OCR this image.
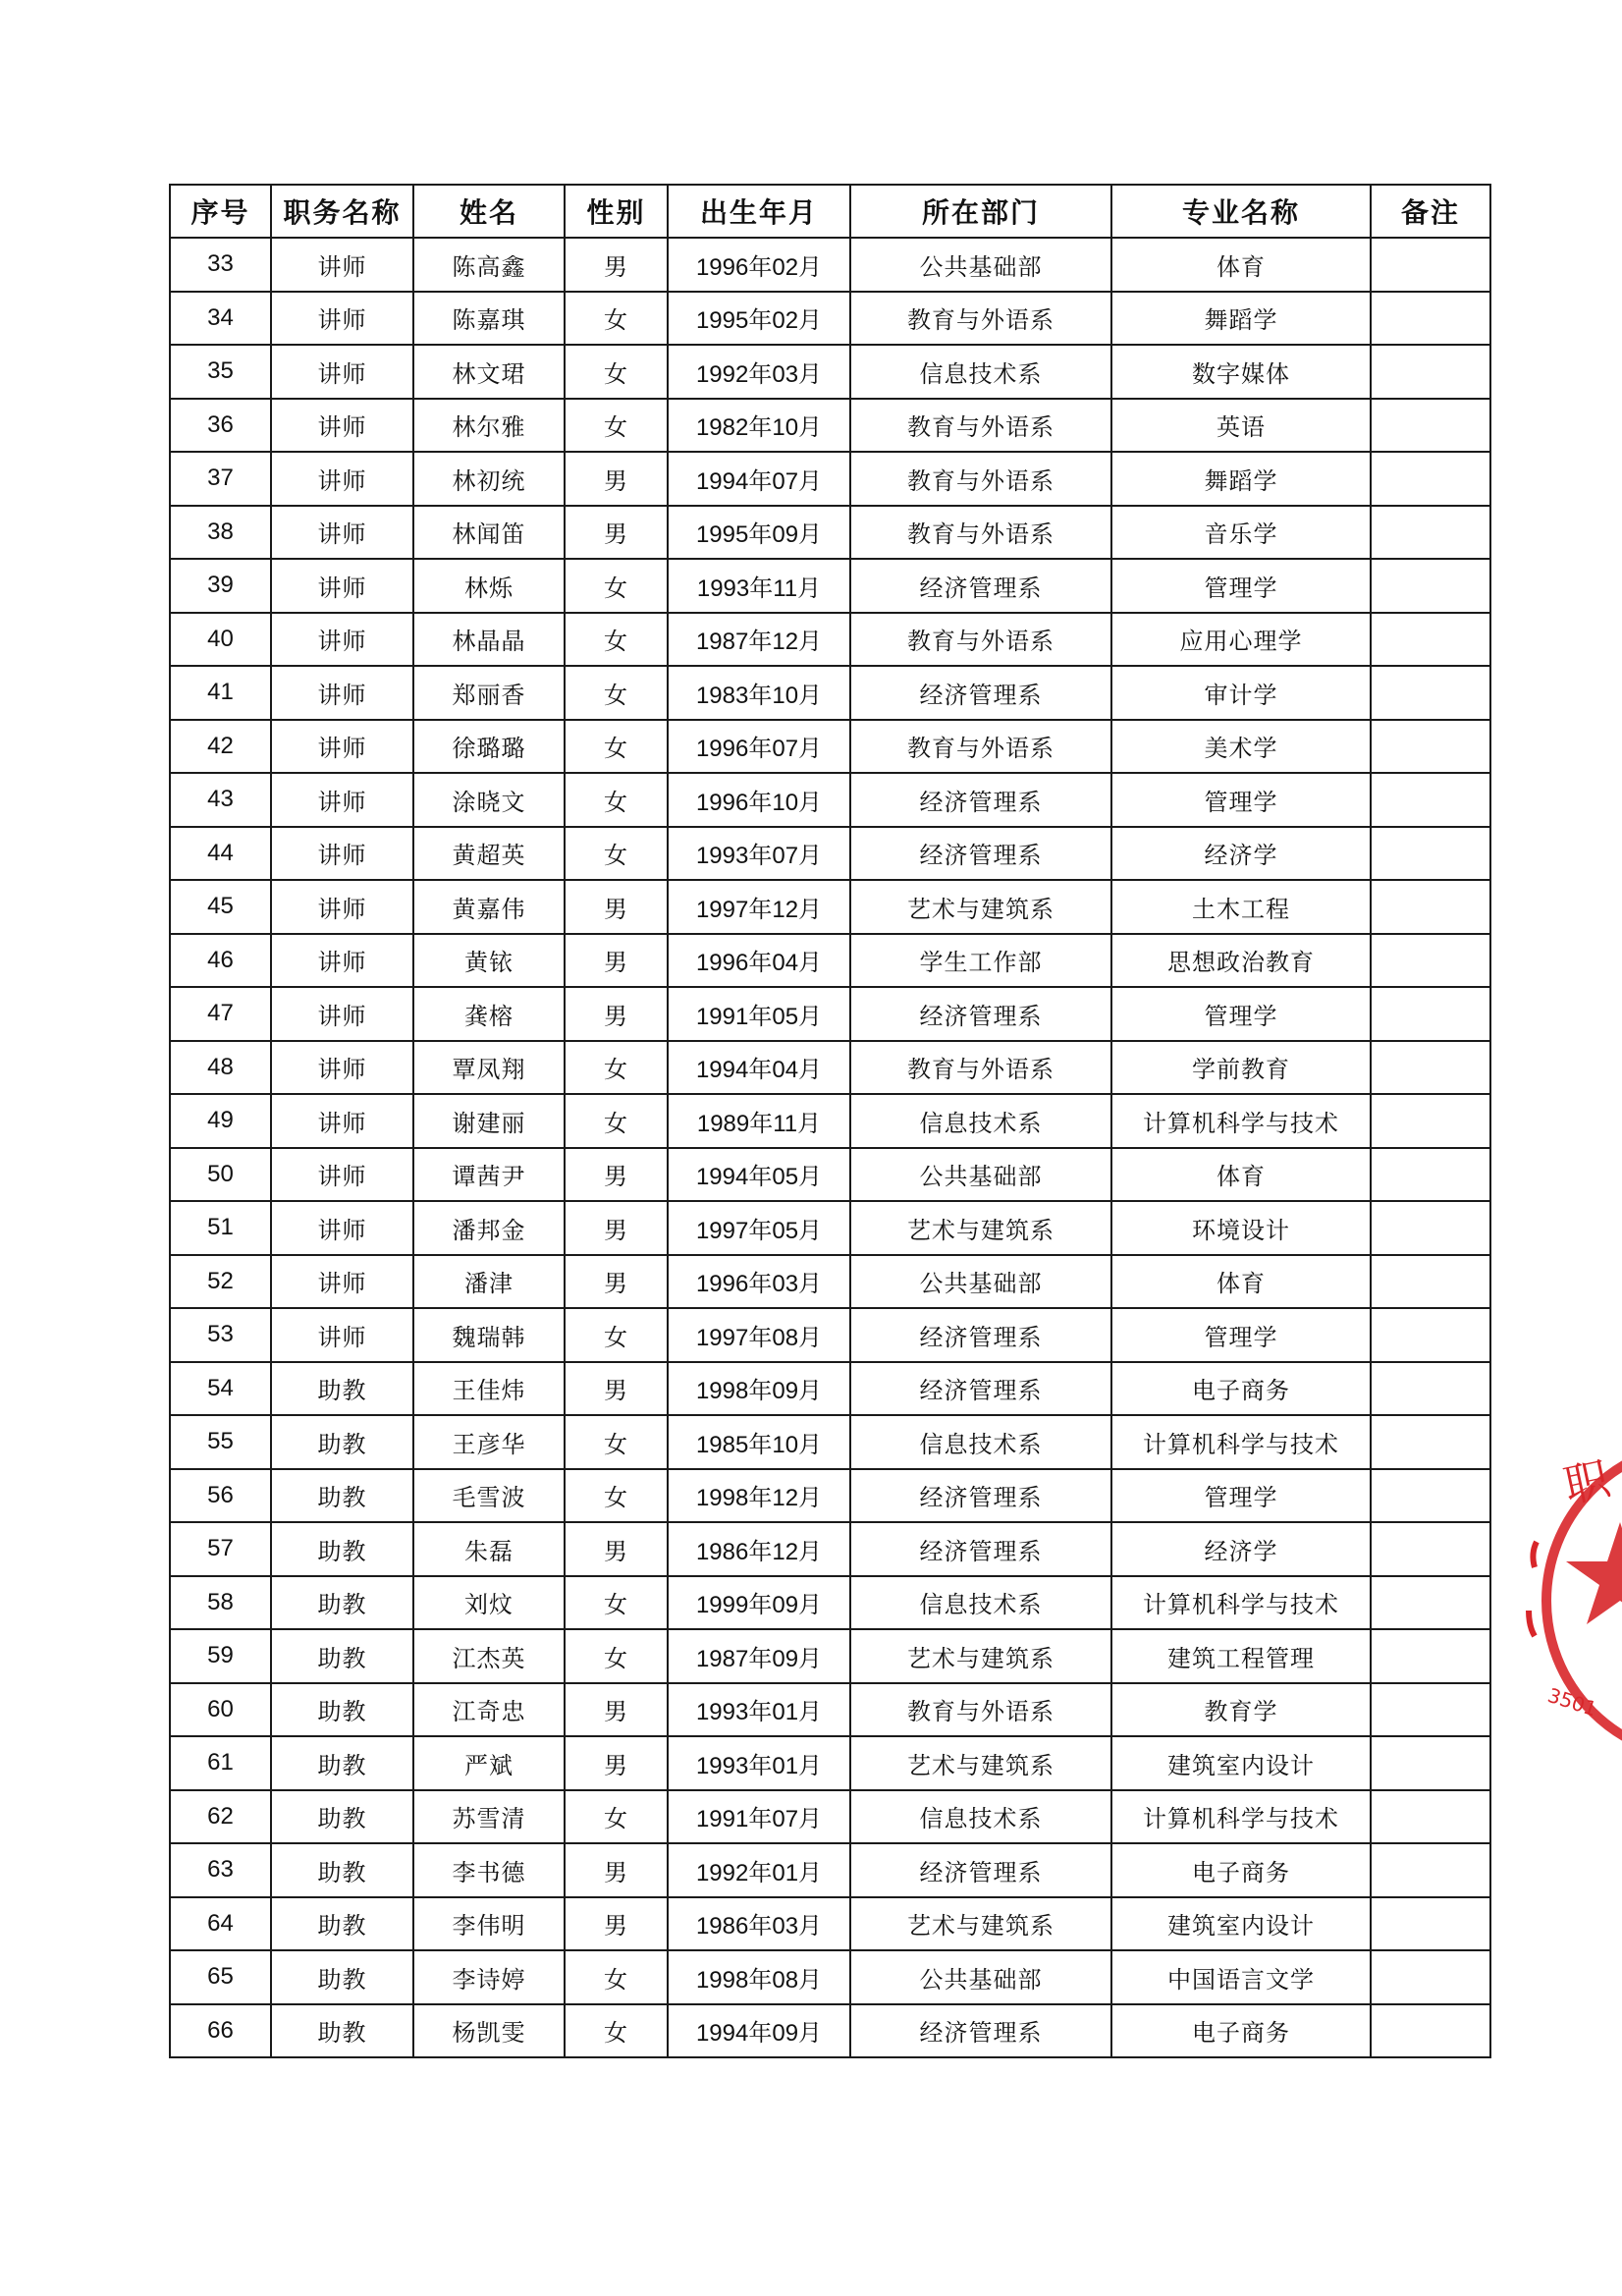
序号	职务名称	姓名	性别	出生年月	所在部门	专业名称	备注
33	讲师	陈高鑫	男	1996年02月	公共基础部	体育	
34	讲师	陈嘉琪	女	1995年02月	教育与外语系	舞蹈学	
35	讲师	林文珺	女	1992年03月	信息技术系	数字媒体	
36	讲师	林尔雅	女	1982年10月	教育与外语系	英语	
37	讲师	林初统	男	1994年07月	教育与外语系	舞蹈学	
38	讲师	林闻笛	男	1995年09月	教育与外语系	音乐学	
39	讲师	林烁	女	1993年11月	经济管理系	管理学	
40	讲师	林晶晶	女	1987年12月	教育与外语系	应用心理学	
41	讲师	郑丽香	女	1983年10月	经济管理系	审计学	
42	讲师	徐璐璐	女	1996年07月	教育与外语系	美术学	
43	讲师	涂晓文	女	1996年10月	经济管理系	管理学	
44	讲师	黄超英	女	1993年07月	经济管理系	经济学	
45	讲师	黄嘉伟	男	1997年12月	艺术与建筑系	土木工程	
46	讲师	黄铱	男	1996年04月	学生工作部	思想政治教育	
47	讲师	龚榕	男	1991年05月	经济管理系	管理学	
48	讲师	覃凤翔	女	1994年04月	教育与外语系	学前教育	
49	讲师	谢建丽	女	1989年11月	信息技术系	计算机科学与技术	
50	讲师	谭茜尹	男	1994年05月	公共基础部	体育	
51	讲师	潘邦金	男	1997年05月	艺术与建筑系	环境设计	
52	讲师	潘津	男	1996年03月	公共基础部	体育	
53	讲师	魏瑞韩	女	1997年08月	经济管理系	管理学	
54	助教	王佳炜	男	1998年09月	经济管理系	电子商务	
55	助教	王彦华	女	1985年10月	信息技术系	计算机科学与技术	
56	助教	毛雪波	女	1998年12月	经济管理系	管理学	
57	助教	朱磊	男	1986年12月	经济管理系	经济学	
58	助教	刘炆	女	1999年09月	信息技术系	计算机科学与技术	
59	助教	江杰英	女	1987年09月	艺术与建筑系	建筑工程管理	
60	助教	江奇忠	男	1993年01月	教育与外语系	教育学	
61	助教	严斌	男	1993年01月	艺术与建筑系	建筑室内设计	
62	助教	苏雪清	女	1991年07月	信息技术系	计算机科学与技术	
63	助教	李书德	男	1992年01月	经济管理系	电子商务	
64	助教	李伟明	男	1986年03月	艺术与建筑系	建筑室内设计	
65	助教	李诗婷	女	1998年08月	公共基础部	中国语言文学	
66	助教	杨凯雯	女	1994年09月	经济管理系	电子商务	
职
3501
